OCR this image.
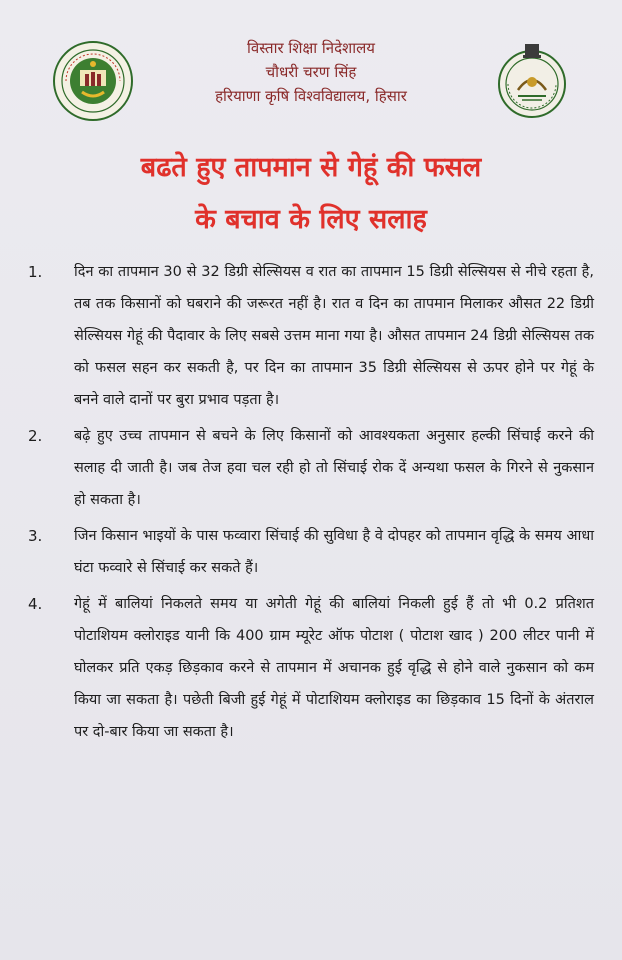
विस्तार शिक्षा निदेशालय
चौधरी चरण सिंह
हरियाणा कृषि विश्वविद्यालय, हिसार
बढते हुए तापमान से गेहूं की फसल
के बचाव के लिए सलाह
1. दिन का तापमान 30 से 32 डिग्री सेल्सियस व रात का तापमान 15 डिग्री सेल्सियस से नीचे रहता है, तब तक किसानों को घबराने की जरूरत नहीं है। रात व दिन का तापमान मिलाकर औसत 22 डिग्री सेल्सियस गेहूं की पैदावार के लिए सबसे उत्तम माना गया है। औसत तापमान 24 डिग्री सेल्सियस तक को फसल सहन कर सकती है, पर दिन का तापमान 35 डिग्री सेल्सियस से ऊपर होने पर गेहूं के बनने वाले दानों पर बुरा प्रभाव पड़ता है।
2. बढ़े हुए उच्च तापमान से बचने के लिए किसानों को आवश्यकता अनुसार हल्की सिंचाई करने की सलाह दी जाती है। जब तेज हवा चल रही हो तो सिंचाई रोक दें अन्यथा फसल के गिरने से नुकसान हो सकता है।
3. जिन किसान भाइयों के पास फव्वारा सिंचाई की सुविधा है वे दोपहर को तापमान वृद्धि के समय आधा घंटा फव्वारे से सिंचाई कर सकते हैं।
4. गेहूं में बालियां निकलते समय या अगेती गेहूं की बालियां निकली हुई हैं तो भी 0.2 प्रतिशत पोटाशियम क्लोराइड यानी कि 400 ग्राम म्यूरेट ऑफ पोटाश ( पोटाश खाद ) 200 लीटर पानी में घोलकर प्रति एकड़ छिड़काव करने से तापमान में अचानक हुई वृद्धि से होने वाले नुकसान को कम किया जा सकता है। पछेती बिजी हुई गेहूं में पोटाशियम क्लोराइड का छिड़काव 15 दिनों के अंतराल पर दो-बार किया जा सकता है।
